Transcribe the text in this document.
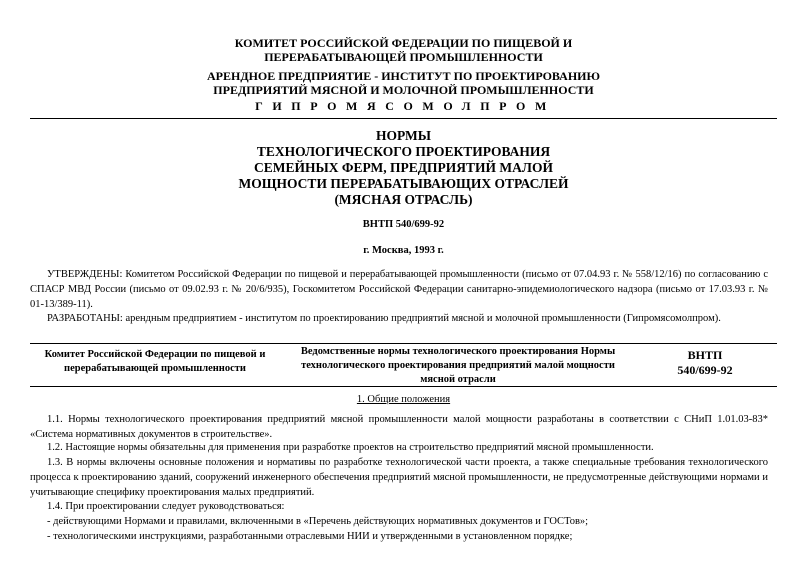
КОМИТЕТ РОССИЙСКОЙ ФЕДЕРАЦИИ ПО ПИЩЕВОЙ И
ПЕРЕРАБАТЫВАЮЩЕЙ ПРОМЫШЛЕННОСТИ
АРЕНДНОЕ ПРЕДПРИЯТИЕ - ИНСТИТУТ ПО ПРОЕКТИРОВАНИЮ
ПРЕДПРИЯТИЙ МЯСНОЙ И МОЛОЧНОЙ ПРОМЫШЛЕННОСТИ
ГИПРОМЯСОМОЛПРОМ
НОРМЫ
ТЕХНОЛОГИЧЕСКОГО ПРОЕКТИРОВАНИЯ
СЕМЕЙНЫХ ФЕРМ, ПРЕДПРИЯТИЙ МАЛОЙ
МОЩНОСТИ ПЕРЕРАБАТЫВАЮЩИХ ОТРАСЛЕЙ
(МЯСНАЯ ОТРАСЛЬ)
ВНТП 540/699-92
г. Москва, 1993 г.

УТВЕРЖДЕНЫ: Комитетом Российской Федерации по пищевой и перерабатывающей промышленности (письмо от 07.04.93 г. № 558/12/16) по согласованию с СПАСР МВД России (письмо от 09.02.93 г. № 20/6/935), Госкомитетом Российской Федерации санитарно-эпидемиологического надзора (письмо от 17.03.93 г. № 01-13/389-11).

РАЗРАБОТАНЫ: арендным предприятием - институтом по проектированию предприятий мясной и молочной промышленности (Гипромясомолпром).

Комитет Российской Федерации по пищевой и перерабатывающей промышленности
Ведомственные нормы технологического проектирования Нормы технологического проектирования предприятий малой мощности мясной отрасли
ВНТП
540/699-92
1. Общие положения

1.1. Нормы технологического проектирования предприятий мясной промышленности малой мощности разработаны в соответствии с СНиП 1.01.03-83* «Система нормативных документов в строительстве».

1.2. Настоящие нормы обязательны для применения при разработке проектов на строительство предприятий мясной промышленности.

1.3. В нормы включены основные положения и нормативы по разработке технологической части проекта, а также специальные требования технологического процесса к проектированию зданий, сооружений инженерного обеспечения предприятий мясной промышленности, не предусмотренные действующими нормами и учитывающие специфику проектирования малых предприятий.

1.4. При проектировании следует руководствоваться:

- действующими Нормами и правилами, включенными в «Перечень действующих нормативных документов и ГОСТов»;

- технологическими инструкциями, разработанными отраслевыми НИИ и утвержденными в установленном порядке;
